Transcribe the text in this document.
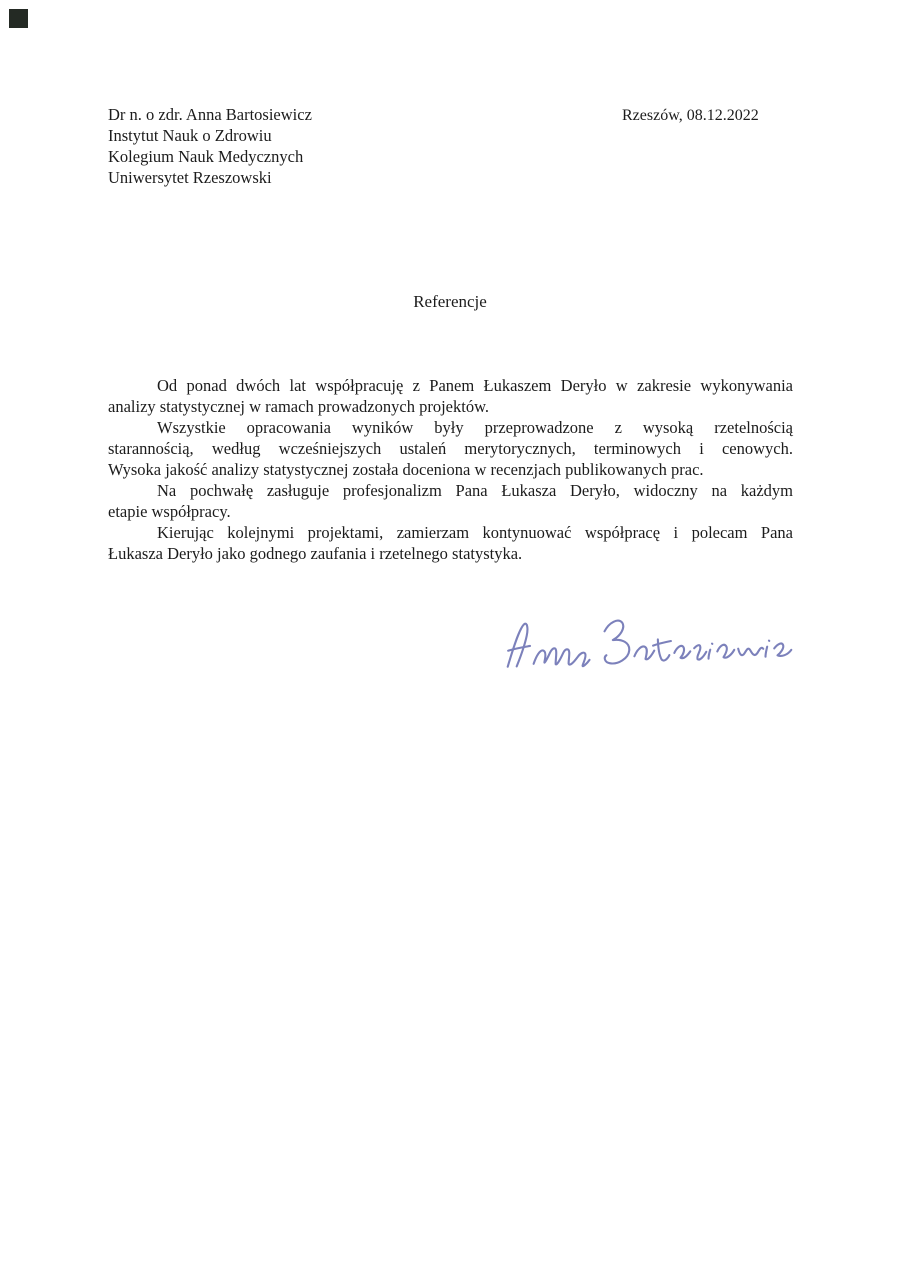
Dr n. o zdr. Anna Bartosiewicz
Instytut Nauk o Zdrowiu
Kolegium Nauk Medycznych
Uniwersytet Rzeszowski
Rzeszów, 08.12.2022
Referencje
Od ponad dwóch lat współpracuję z Panem Łukaszem Deryło w zakresie wykonywania
analizy statystycznej w ramach prowadzonych projektów.
Wszystkie opracowania wyników były przeprowadzone z wysoką rzetelnością
starannością, według wcześniejszych ustaleń merytorycznych, terminowych i cenowych.
Wysoka jakość analizy statystycznej została doceniona w recenzjach publikowanych prac.
Na pochwałę zasługuje profesjonalizm Pana Łukasza Deryło, widoczny na każdym
etapie współpracy.
Kierując kolejnymi projektami, zamierzam kontynuować współpracę i polecam Pana
Łukasza Deryło jako godnego zaufania i rzetelnego statystyka.
